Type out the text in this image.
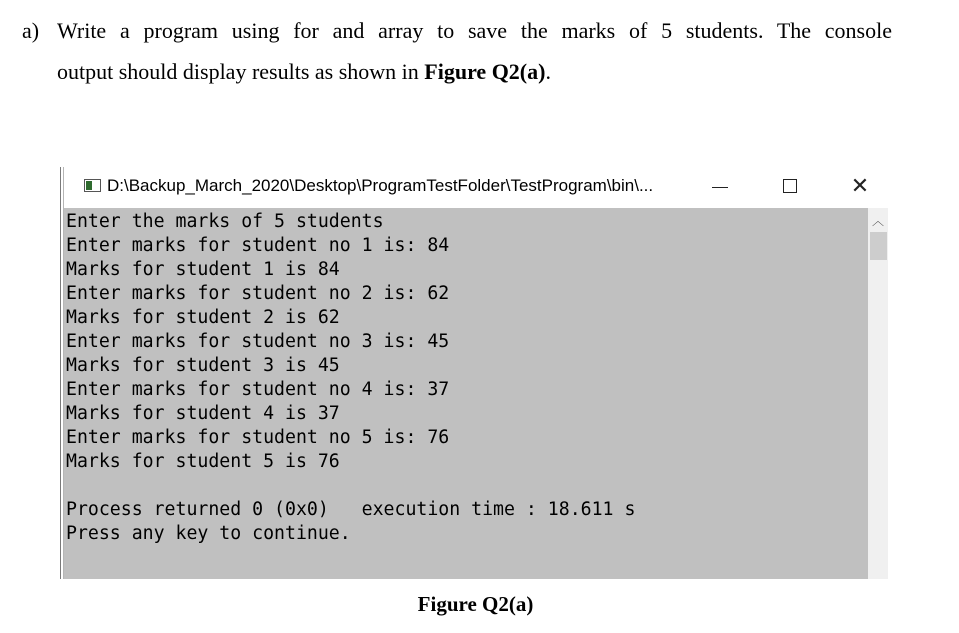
a) Write a program using for and array to save the marks of 5 students. The console
output should display results as shown in Figure Q2(a).
D:\Backup_March_2020\Desktop\ProgramTestFolder\TestProgram\bin\...	✕
︿
Enter the marks of 5 students
Enter marks for student no 1 is: 84
Marks for student 1 is 84
Enter marks for student no 2 is: 62
Marks for student 2 is 62
Enter marks for student no 3 is: 45
Marks for student 3 is 45
Enter marks for student no 4 is: 37
Marks for student 4 is 37
Enter marks for student no 5 is: 76
Marks for student 5 is 76
Process returned 0 (0x0)   execution time : 18.611 s
Press any key to continue.
Figure Q2(a)
